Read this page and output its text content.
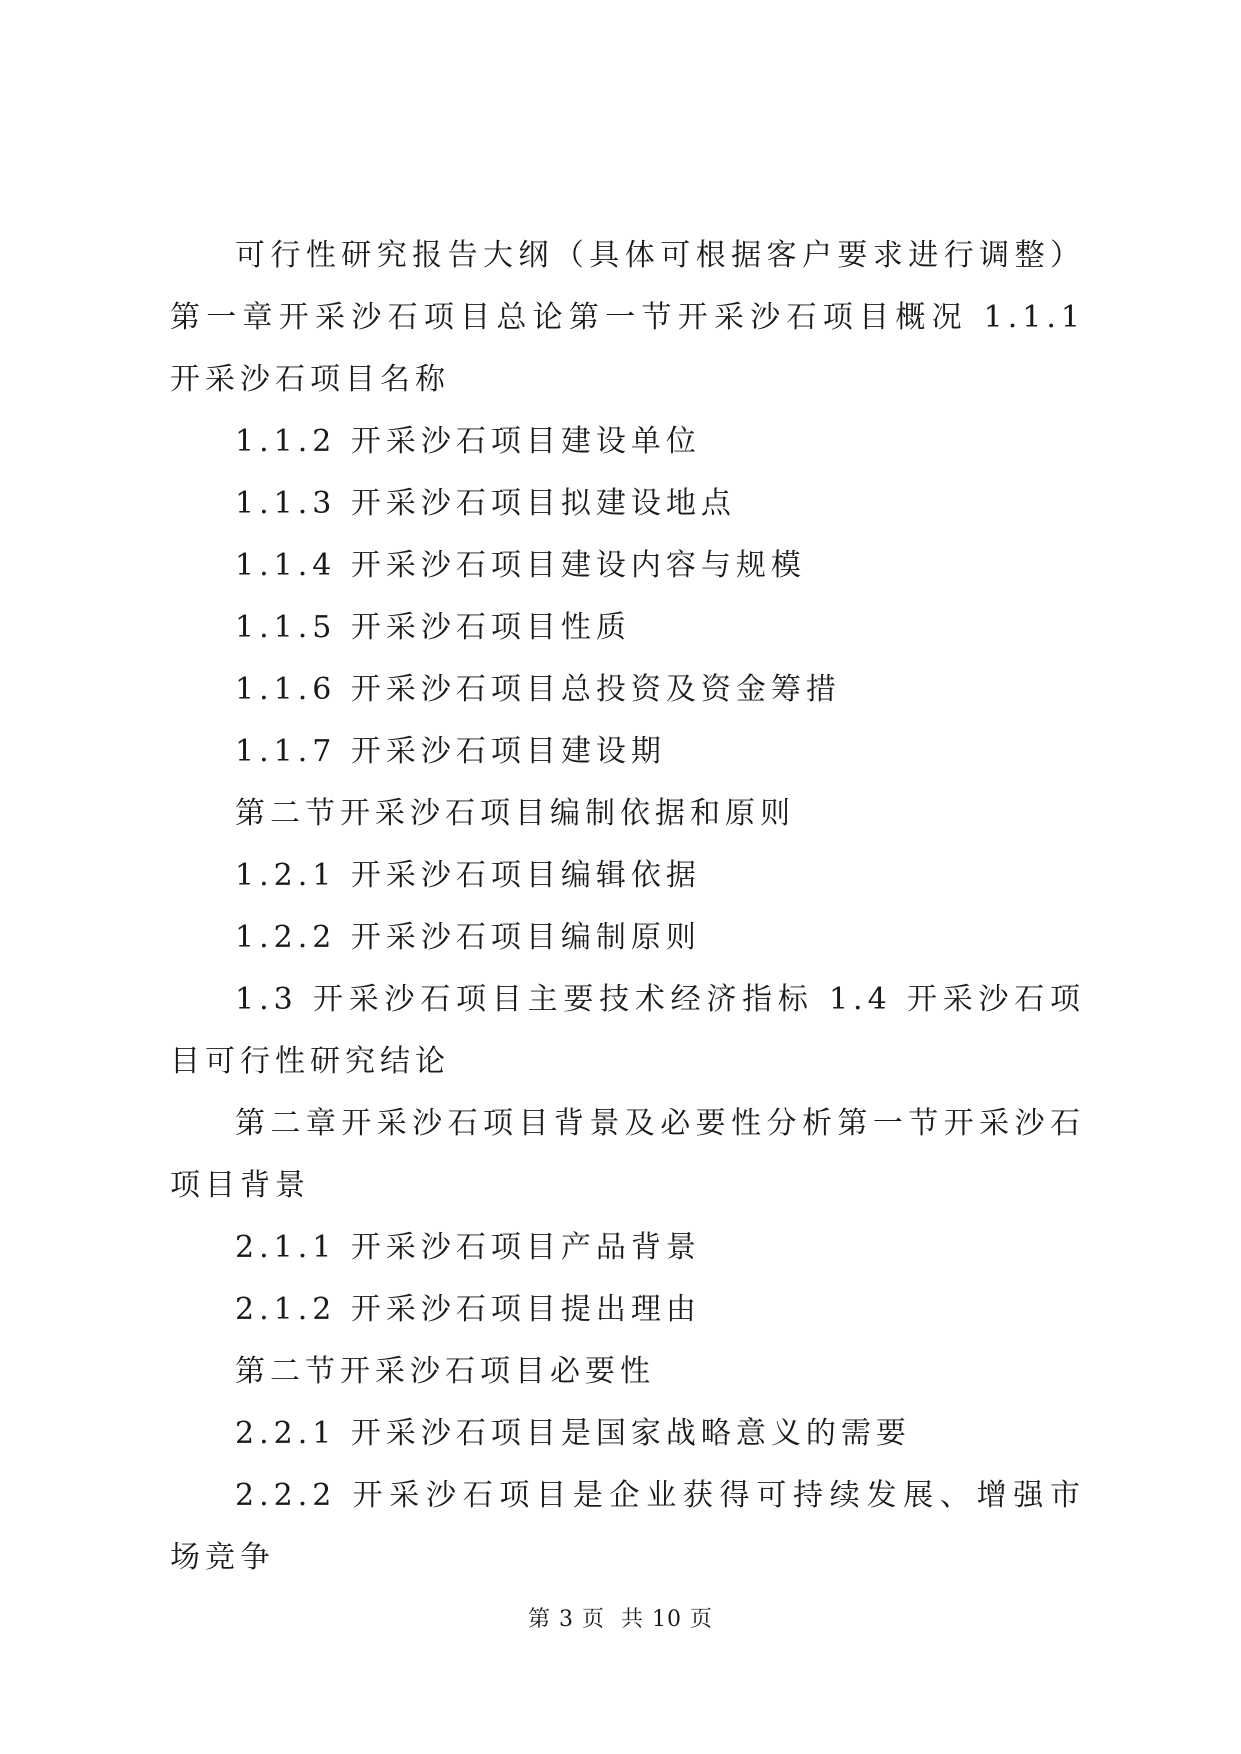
可行性研究报告大纲（具体可根据客户要求进行调整）第一章开采沙石项目总论第一节开采沙石项目概况 1.1.1 开采沙石项目名称

1.1.2 开采沙石项目建设单位

1.1.3 开采沙石项目拟建设地点

1.1.4 开采沙石项目建设内容与规模

1.1.5 开采沙石项目性质

1.1.6 开采沙石项目总投资及资金筹措

1.1.7 开采沙石项目建设期

第二节开采沙石项目编制依据和原则

1.2.1 开采沙石项目编辑依据

1.2.2 开采沙石项目编制原则

1.3 开采沙石项目主要技术经济指标 1.4 开采沙石项目可行性研究结论

第二章开采沙石项目背景及必要性分析第一节开采沙石项目背景

2.1.1 开采沙石项目产品背景

2.1.2 开采沙石项目提出理由

第二节开采沙石项目必要性

2.2.1 开采沙石项目是国家战略意义的需要

2.2.2 开采沙石项目是企业获得可持续发展、增强市场竞争

第 3 页 共 10 页
